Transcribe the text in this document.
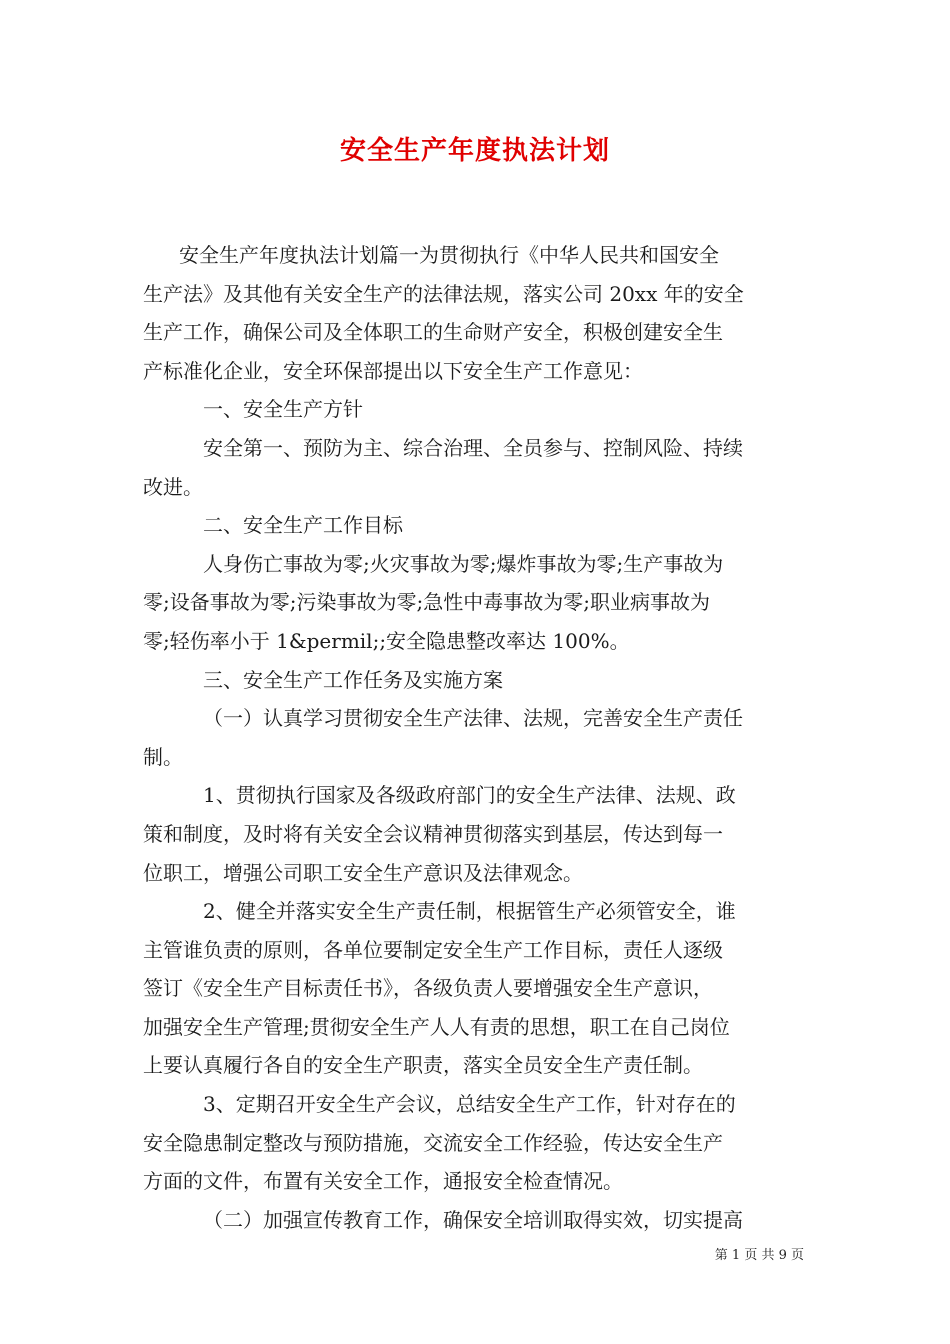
安全生产年度执法计划
安全生产年度执法计划篇一为贯彻执行《中华人民共和国安全
生产法》及其他有关安全生产的法律法规，落实公司 20xx 年的安全
生产工作，确保公司及全体职工的生命财产安全，积极创建安全生
产标准化企业，安全环保部提出以下安全生产工作意见：
一、安全生产方针
安全第一、预防为主、综合治理、全员参与、控制风险、持续
改进。
二、安全生产工作目标
人身伤亡事故为零;火灾事故为零;爆炸事故为零;生产事故为
零;设备事故为零;污染事故为零;急性中毒事故为零;职业病事故为
零;轻伤率小于 1&permil;;安全隐患整改率达 100%。
三、安全生产工作任务及实施方案
（一）认真学习贯彻安全生产法律、法规，完善安全生产责任
制。
1、贯彻执行国家及各级政府部门的安全生产法律、法规、政
策和制度，及时将有关安全会议精神贯彻落实到基层，传达到每一
位职工，增强公司职工安全生产意识及法律观念。
2、健全并落实安全生产责任制，根据管生产必须管安全，谁
主管谁负责的原则，各单位要制定安全生产工作目标，责任人逐级
签订《安全生产目标责任书》，各级负责人要增强安全生产意识，
加强安全生产管理;贯彻安全生产人人有责的思想，职工在自己岗位
上要认真履行各自的安全生产职责，落实全员安全生产责任制。
3、定期召开安全生产会议，总结安全生产工作，针对存在的
安全隐患制定整改与预防措施，交流安全工作经验，传达安全生产
方面的文件，布置有关安全工作，通报安全检查情况。
（二）加强宣传教育工作，确保安全培训取得实效，切实提高
第 1 页 共 9 页
